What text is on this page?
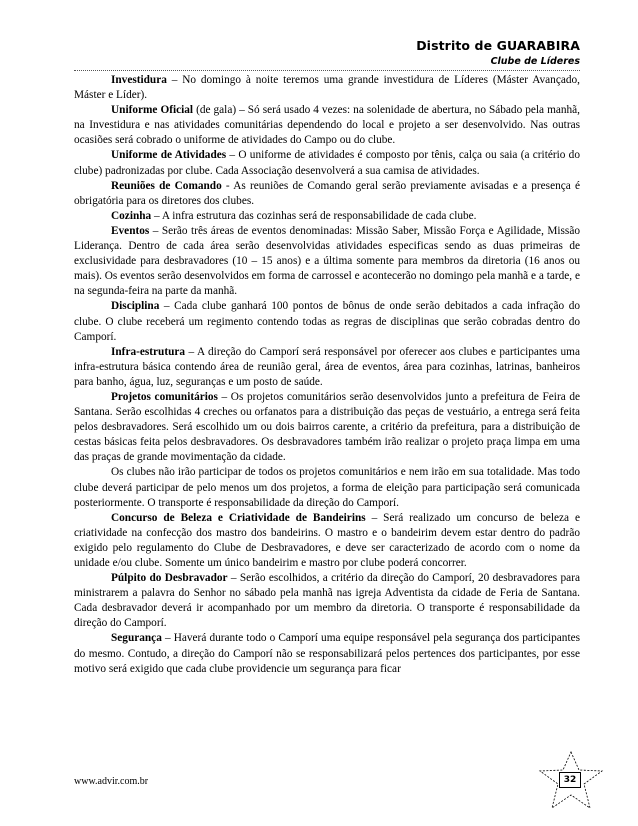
Distrito de GUARABIRA
Clube de Líderes

Investidura – No domingo à noite teremos uma grande investidura de Líderes (Máster Avançado, Máster e Líder).

Uniforme Oficial (de gala) – Só será usado 4 vezes: na solenidade de abertura, no Sábado pela manhã, na Investidura e nas atividades comunitárias dependendo do local e projeto a ser desenvolvido. Nas outras ocasiões será cobrado o uniforme de atividades do Campo ou do clube.

Uniforme de Atividades – O uniforme de atividades é composto por tênis, calça ou saia (a critério do clube) padronizadas por clube. Cada Associação desenvolverá a sua camisa de atividades.

Reuniões de Comando - As reuniões de Comando geral serão previamente avisadas e a presença é obrigatória para os diretores dos clubes.

Cozinha – A infra estrutura das cozinhas será de responsabilidade de cada clube.

Eventos – Serão três áreas de eventos denominadas: Missão Saber, Missão Força e Agilidade, Missão Liderança. Dentro de cada área serão desenvolvidas atividades especificas sendo as duas primeiras de exclusividade para desbravadores (10 – 15 anos) e a última somente para membros da diretoria (16 anos ou mais). Os eventos serão desenvolvidos em forma de carrossel e acontecerão no domingo pela manhã e a tarde, e na segunda-feira na parte da manhã.

Disciplina – Cada clube ganhará 100 pontos de bônus de onde serão debitados a cada infração do clube. O clube receberá um regimento contendo todas as regras de disciplinas que serão cobradas dentro do Camporí.

Infra-estrutura – A direção do Camporí será responsável por oferecer aos clubes e participantes uma infra-estrutura básica contendo área de reunião geral, área de eventos, área para cozinhas, latrinas, banheiros para banho, água, luz, seguranças e um posto de saúde.

Projetos comunitários – Os projetos comunitários serão desenvolvidos junto a prefeitura de Feira de Santana. Serão escolhidas 4 creches ou orfanatos para a distribuição das peças de vestuário, a entrega será feita pelos desbravadores. Será escolhido um ou dois bairros carente, a critério da prefeitura, para a distribuição de cestas básicas feita pelos desbravadores. Os desbravadores também irão realizar o projeto praça limpa em uma das praças de grande movimentação da cidade.

Os clubes não irão participar de todos os projetos comunitários e nem irão em sua totalidade. Mas todo clube deverá participar de pelo menos um dos projetos, a forma de eleição para participação será comunicada posteriormente. O transporte é responsabilidade da direção do Camporí.

Concurso de Beleza e Criatividade de Bandeirins – Será realizado um concurso de beleza e criatividade na confecção dos mastro dos bandeirins. O mastro e o bandeirim devem estar dentro do padrão exigido pelo regulamento do Clube de Desbravadores, e deve ser caracterizado de acordo com o nome da unidade e/ou clube. Somente um único bandeirim e mastro por clube poderá concorrer.

Púlpito do Desbravador – Serão escolhidos, a critério da direção do Camporí, 20 desbravadores para ministrarem a palavra do Senhor no sábado pela manhã nas igreja Adventista da cidade de Feria de Santana. Cada desbravador deverá ir acompanhado por um membro da diretoria. O transporte é responsabilidade da direção do Camporí.

Segurança – Haverá durante todo o Camporí uma equipe responsável pela segurança dos participantes do mesmo. Contudo, a direção do Camporí não se responsabilizará pelos pertences dos participantes, por esse motivo será exigido que cada clube providencie um segurança para ficar

www.advir.com.br	32
